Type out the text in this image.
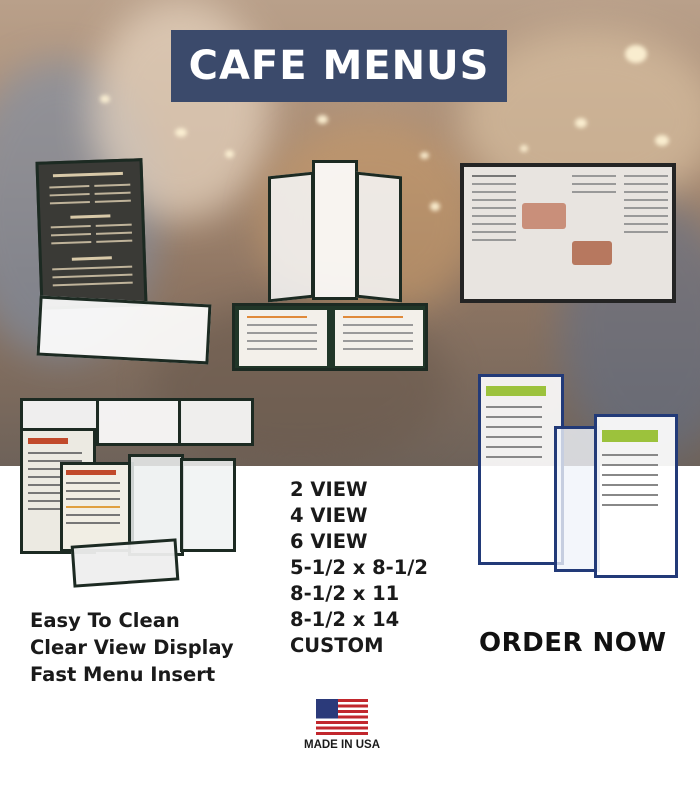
CAFE MENUS
Easy To Clean
Clear View Display
Fast Menu Insert
2 VIEW
4 VIEW
6 VIEW
5-1/2 x 8-1/2
8-1/2 x 11
8-1/2 x 14
CUSTOM	ORDER NOW
MADE IN USA
